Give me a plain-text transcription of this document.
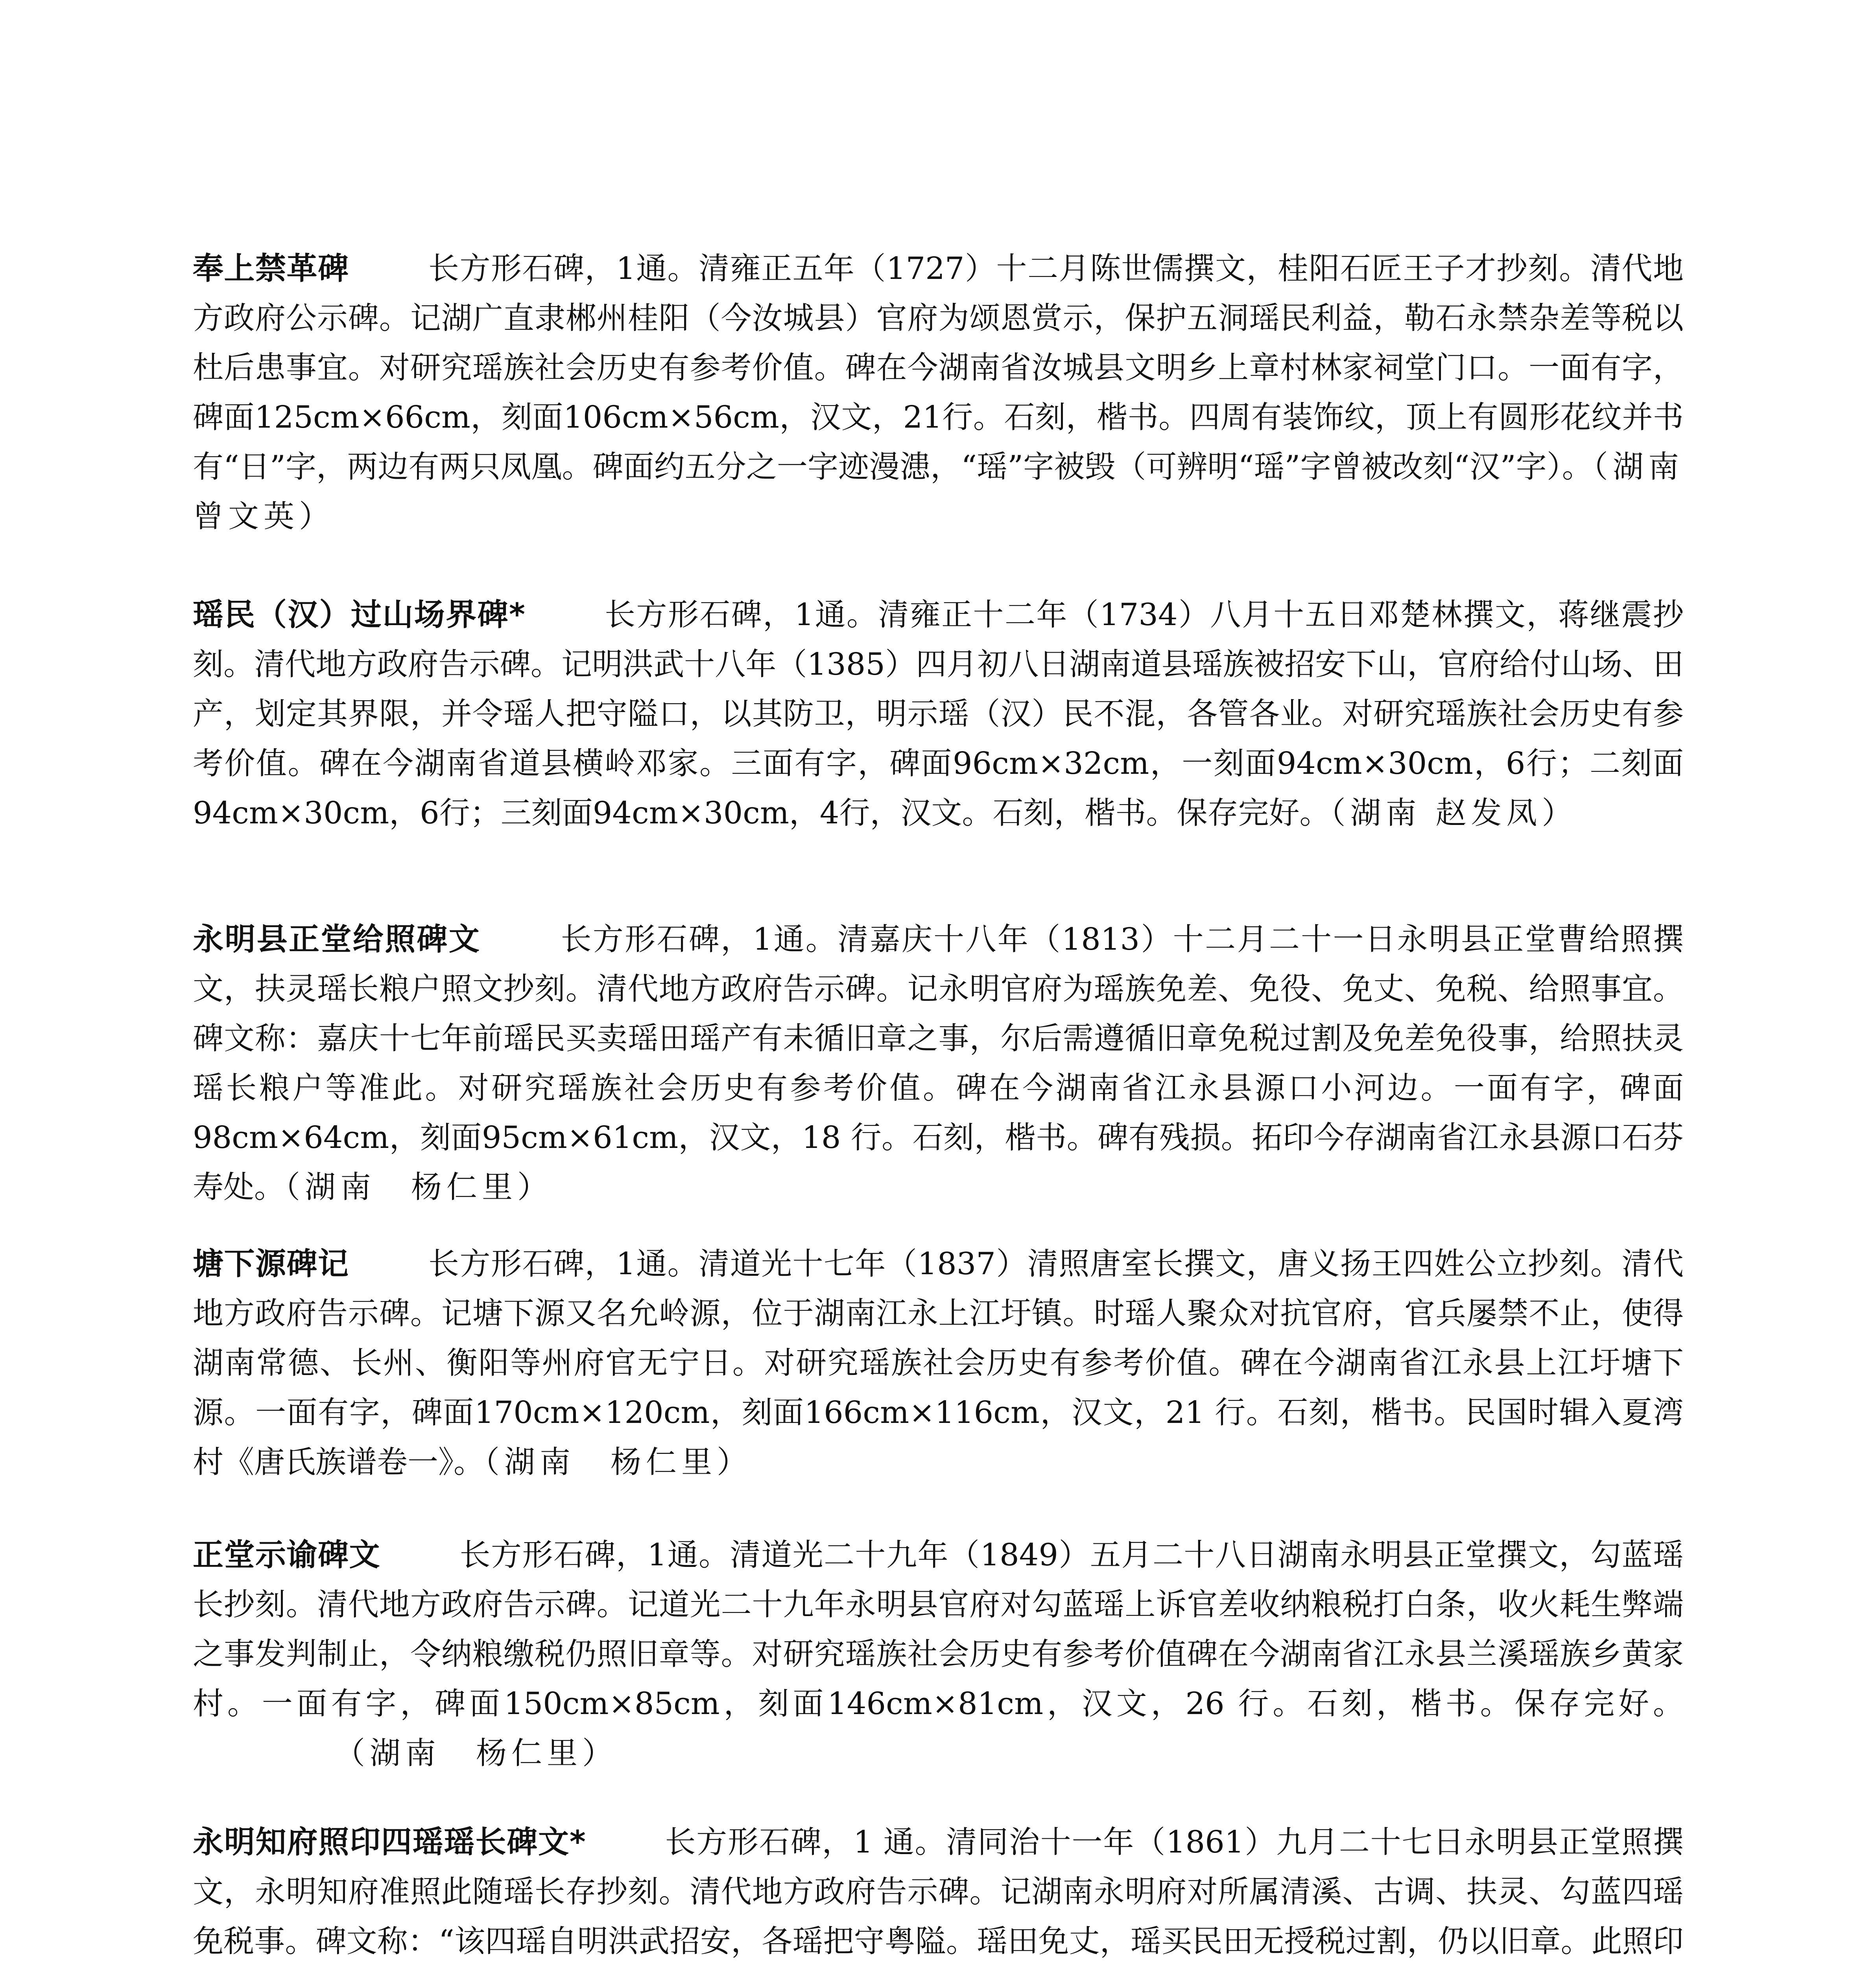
奉上禁革碑	长方形石碑，1通。清雍正五年（1727）十二月陈世儒撰文，桂阳石匠王子才抄刻。清代地方政府公示碑。记湖广直隶郴州桂阳（今汝城县）官府为颂恩赏示，保护五洞瑶民利益，勒石永禁杂差等税以杜后患事宜。对研究瑶族社会历史有参考价值。碑在今湖南省汝城县文明乡上章村林家祠堂门口。一面有字，碑面125cm×66cm，刻面106cm×56cm，汉文，21行。石刻，楷书。四周有装饰纹，顶上有圆形花纹并书有“日”字，两边有两只凤凰。碑面约五分之一字迹漫漶，“瑶”字被毁（可辨明“瑶”字曾被改刻“汉”字）。（湖南　曾文英）

瑶民（汉）过山场界碑*	长方形石碑，1通。清雍正十二年（1734）八月十五日邓楚林撰文，蒋继震抄刻。清代地方政府告示碑。记明洪武十八年（1385）四月初八日湖南道县瑶族被招安下山，官府给付山场、田产，划定其界限，并令瑶人把守隘口，以其防卫，明示瑶（汉）民不混，各管各业。对研究瑶族社会历史有参考价值。碑在今湖南省道县横岭邓家。三面有字，碑面96cm×32cm，一刻面94cm×30cm，6行；二刻面94cm×30cm，6行；三刻面94cm×30cm，4行，汉文。石刻，楷书。保存完好。（湖南 赵发凤）

永明县正堂给照碑文	长方形石碑，1通。清嘉庆十八年（1813）十二月二十一日永明县正堂曹给照撰文，扶灵瑶长粮户照文抄刻。清代地方政府告示碑。记永明官府为瑶族免差、免役、免丈、免税、给照事宜。碑文称：嘉庆十七年前瑶民买卖瑶田瑶产有未循旧章之事，尔后需遵循旧章免税过割及免差免役事，给照扶灵瑶长粮户等准此。对研究瑶族社会历史有参考价值。碑在今湖南省江永县源口小河边。一面有字，碑面 98cm×64cm，刻面95cm×61cm，汉文，18 行。石刻，楷书。碑有残损。拓印今存湖南省江永县源口石芬寿处。（湖南　杨仁里）

塘下源碑记	长方形石碑，1通。清道光十七年（1837）清照唐室长撰文，唐义扬王四姓公立抄刻。清代地方政府告示碑。记塘下源又名允岭源，位于湖南江永上江圩镇。时瑶人聚众对抗官府，官兵屡禁不止，使得湖南常德、长州、衡阳等州府官无宁日。对研究瑶族社会历史有参考价值。碑在今湖南省江永县上江圩塘下源。一面有字，碑面170cm×120cm，刻面166cm×116cm，汉文，21 行。石刻，楷书。民国时辑入夏湾村《唐氏族谱卷一》。（湖南　杨仁里）

正堂示谕碑文	长方形石碑，1通。清道光二十九年（1849）五月二十八日湖南永明县正堂撰文，勾蓝瑶长抄刻。清代地方政府告示碑。记道光二十九年永明县官府对勾蓝瑶上诉官差收纳粮税打白条，收火耗生弊端之事发判制止，令纳粮缴税仍照旧章等。对研究瑶族社会历史有参考价值碑在今湖南省江永县兰溪瑶族乡黄家村。一面有字，碑面150cm×85cm，刻面146cm×81cm，汉文，26 行。石刻，楷书。保存完好。（湖南　杨仁里）

永明知府照印四瑶瑶长碑文*	长方形石碑，1 通。清同治十一年（1861）九月二十七日永明县正堂照撰文，永明知府准照此随瑶长存抄刻。清代地方政府告示碑。记湖南永明府对所属清溪、古调、扶灵、勾蓝四瑶免税事。碑文称：“该四瑶自明洪武招安，各瑶把守粤隘。瑶田免丈，瑶买民田无授税过割，仍以旧章。此照印
